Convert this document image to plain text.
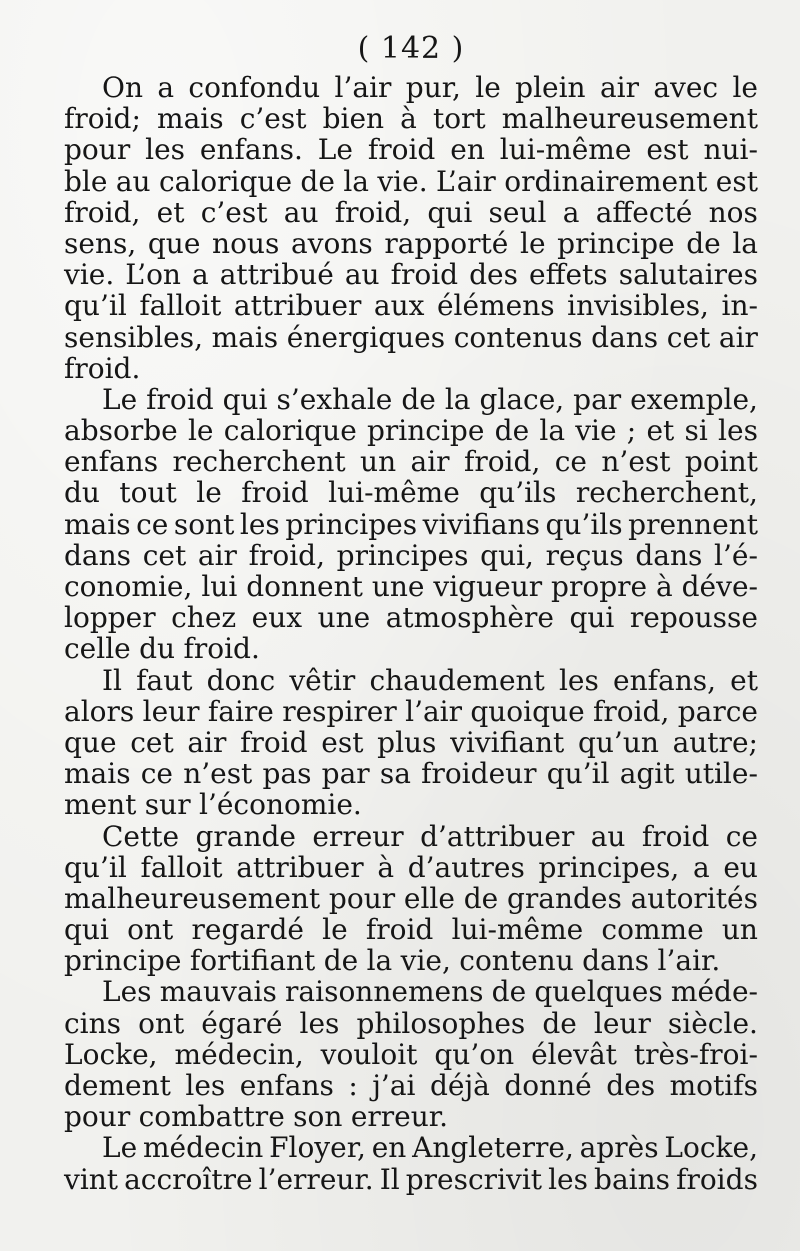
( 142 )
On a confondu l’air pur, le plein air avec le
froid; mais c’est bien à tort malheureusement
pour les enfans. Le froid en lui-même est nui-
ble au calorique de la vie. L’air ordinairement est
froid, et c’est au froid, qui seul a affecté nos
sens, que nous avons rapporté le principe de la
vie. L’on a attribué au froid des effets salutaires
qu’il falloit attribuer aux élémens invisibles, in-
sensibles, mais énergiques contenus dans cet air
froid.
Le froid qui s’exhale de la glace, par exemple,
absorbe le calorique principe de la vie ; et si les
enfans recherchent un air froid, ce n’est point
du tout le froid lui-même qu’ils recherchent,
mais ce sont les principes vivifians qu’ils prennent
dans cet air froid, principes qui, reçus dans l’é-
conomie, lui donnent une vigueur propre à déve-
lopper chez eux une atmosphère qui repousse
celle du froid.
Il faut donc vêtir chaudement les enfans, et
alors leur faire respirer l’air quoique froid, parce
que cet air froid est plus vivifiant qu’un autre;
mais ce n’est pas par sa froideur qu’il agit utile-
ment sur l’économie.
Cette grande erreur d’attribuer au froid ce
qu’il falloit attribuer à d’autres principes, a eu
malheureusement pour elle de grandes autorités
qui ont regardé le froid lui-même comme un
principe fortifiant de la vie, contenu dans l’air.
Les mauvais raisonnemens de quelques méde-
cins ont égaré les philosophes de leur siècle.
Locke, médecin, vouloit qu’on élevât très-froi-
dement les enfans : j’ai déjà donné des motifs
pour combattre son erreur.
Le médecin Floyer, en Angleterre, après Locke,
vint accroître l’erreur. Il prescrivit les bains froids
